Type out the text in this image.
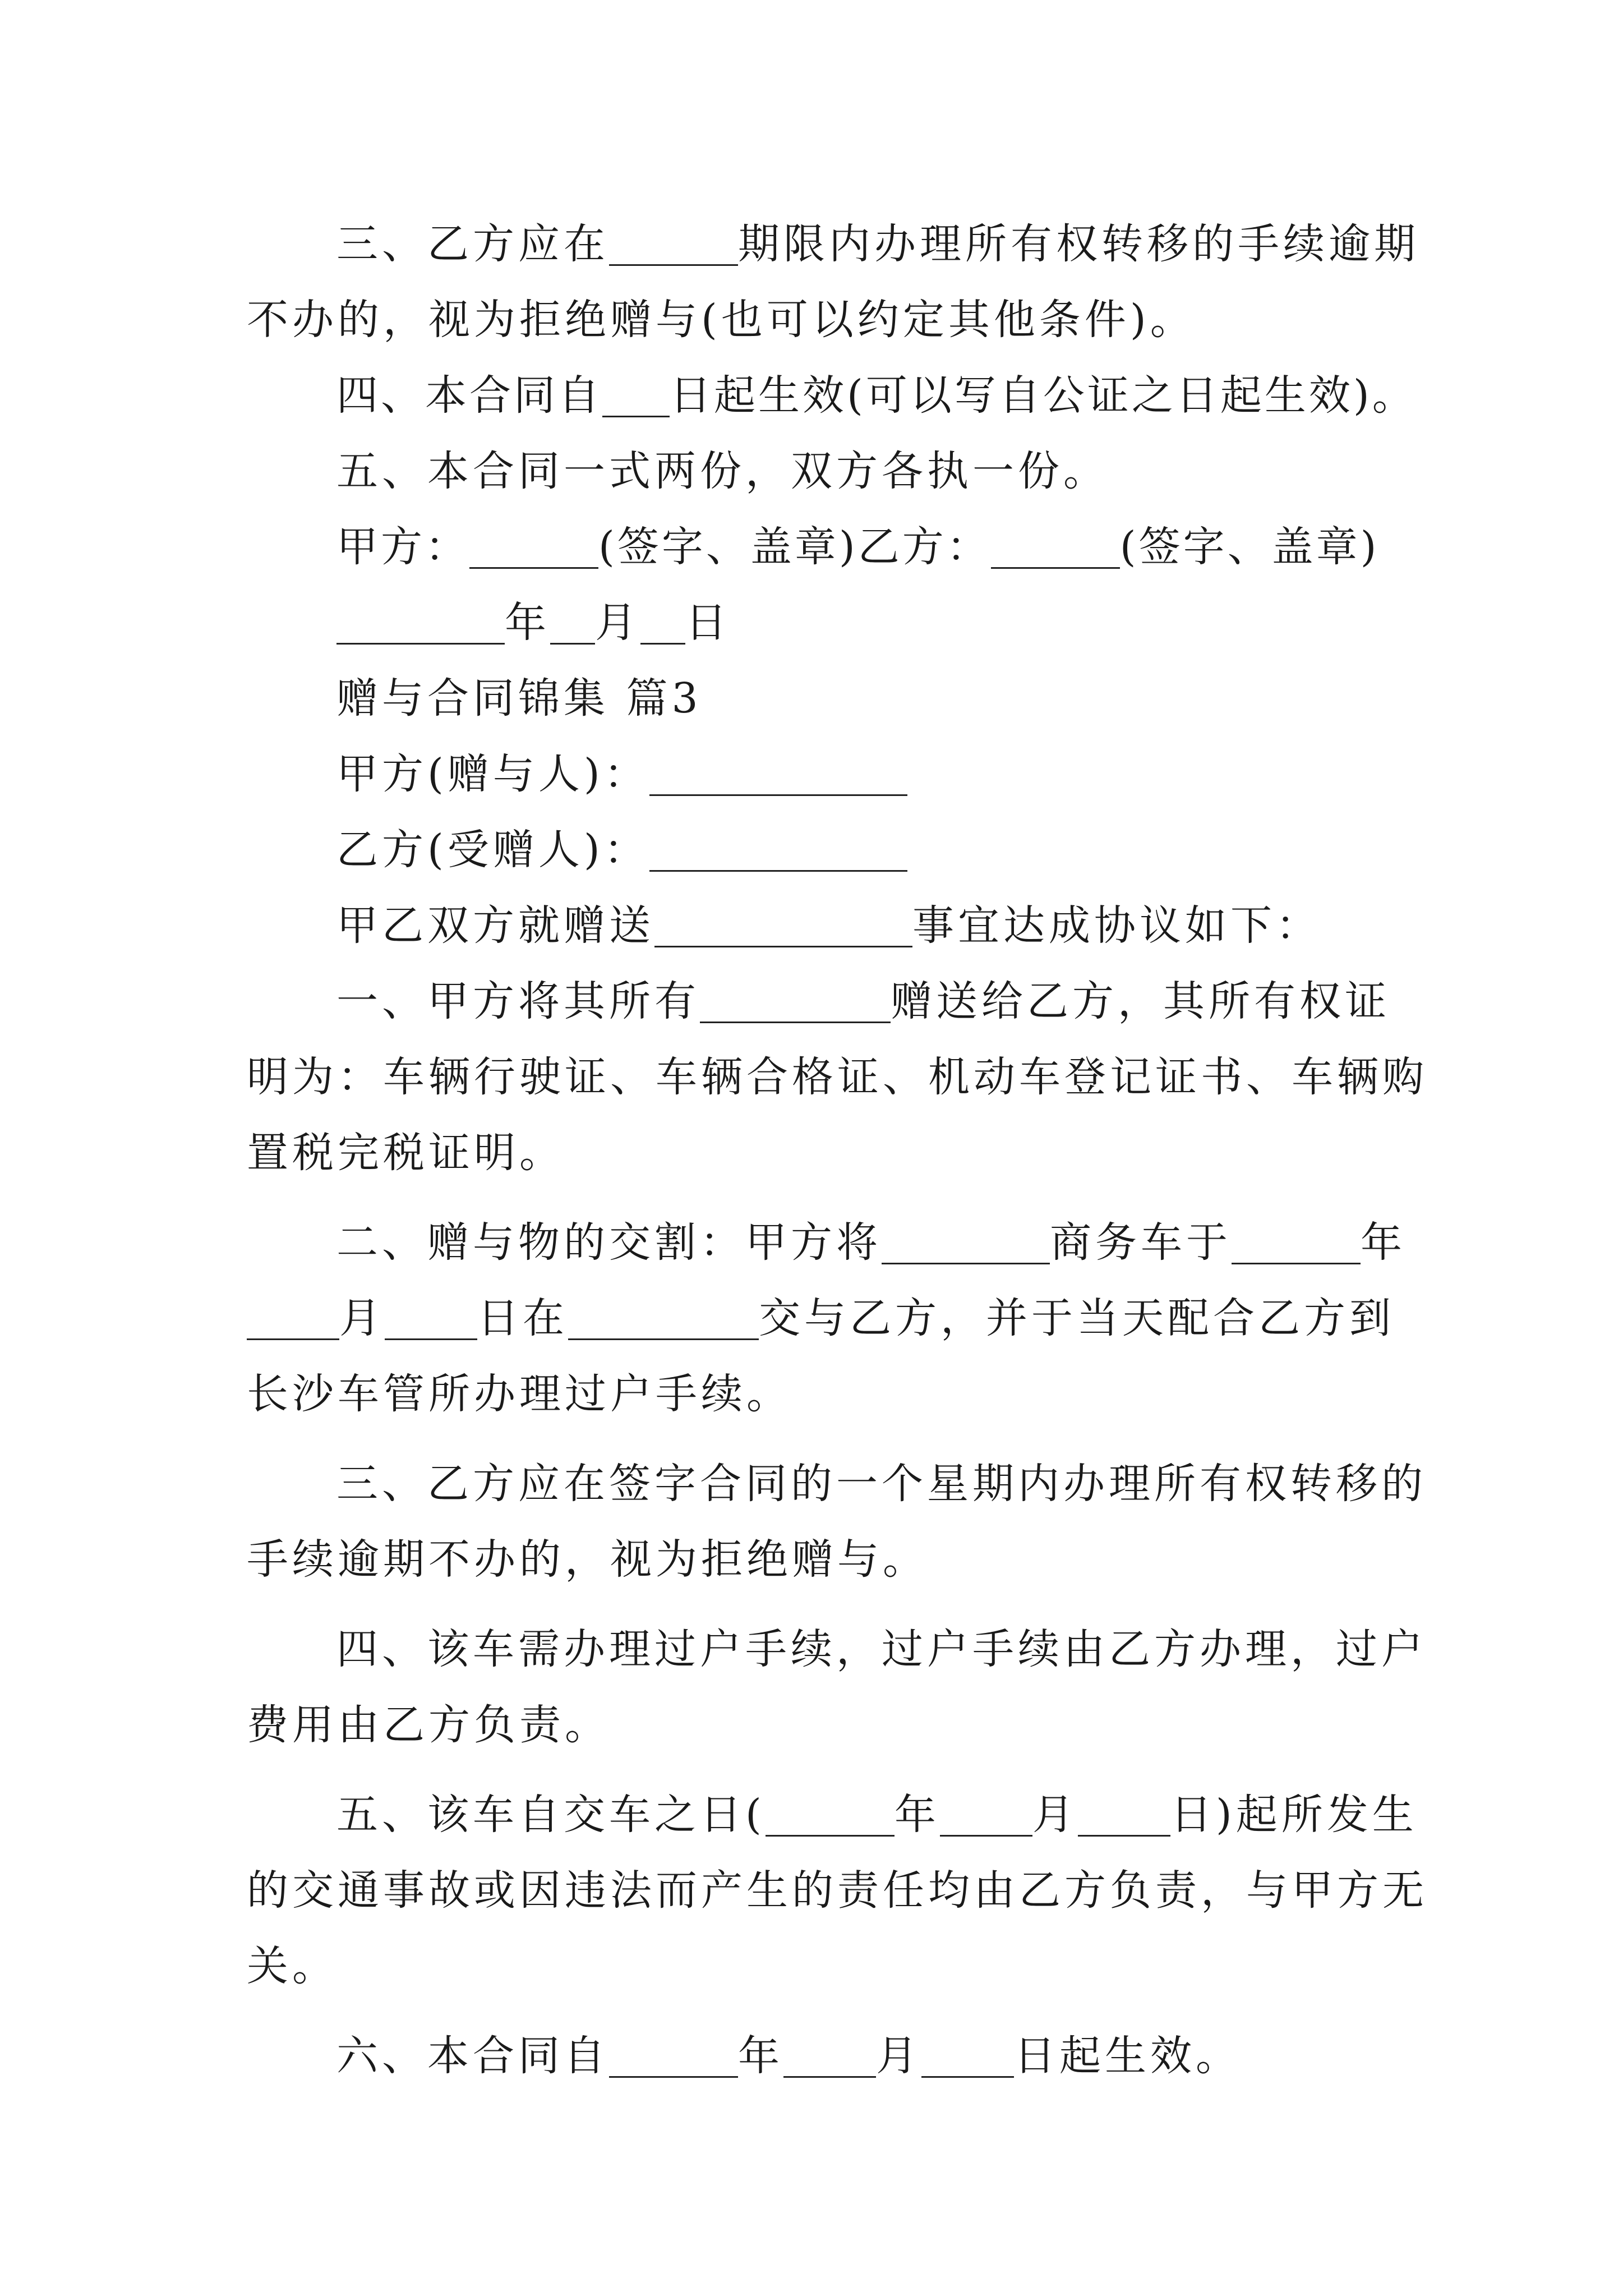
三、乙方应在	期限内办理所有权转移的手续逾期
不办的，视为拒绝赠与(也可以约定其他条件)。
四、本合同自 日起生效(可以写自公证之日起生效)。
五、本合同一式两份，双方各执一份。
甲方：	(签字、盖章)乙方：	(签字、盖章)
年 月 日
赠与合同锦集 篇3
甲方(赠与人)：
乙方(受赠人)：
甲乙双方就赠送	事宜达成协议如下：
一、甲方将其所有	赠送给乙方，其所有权证
明为：车辆行驶证、车辆合格证、机动车登记证书、车辆购
置税完税证明。
二、赠与物的交割：甲方将	商务车于	年
月 日在	交与乙方，并于当天配合乙方到
长沙车管所办理过户手续。
三、乙方应在签字合同的一个星期内办理所有权转移的
手续逾期不办的，视为拒绝赠与。
四、该车需办理过户手续，过户手续由乙方办理，过户
费用由乙方负责。
五、该车自交车之日(	年 月 日)起所发生
的交通事故或因违法而产生的责任均由乙方负责，与甲方无
关。
六、本合同自	年 月 日起生效。
